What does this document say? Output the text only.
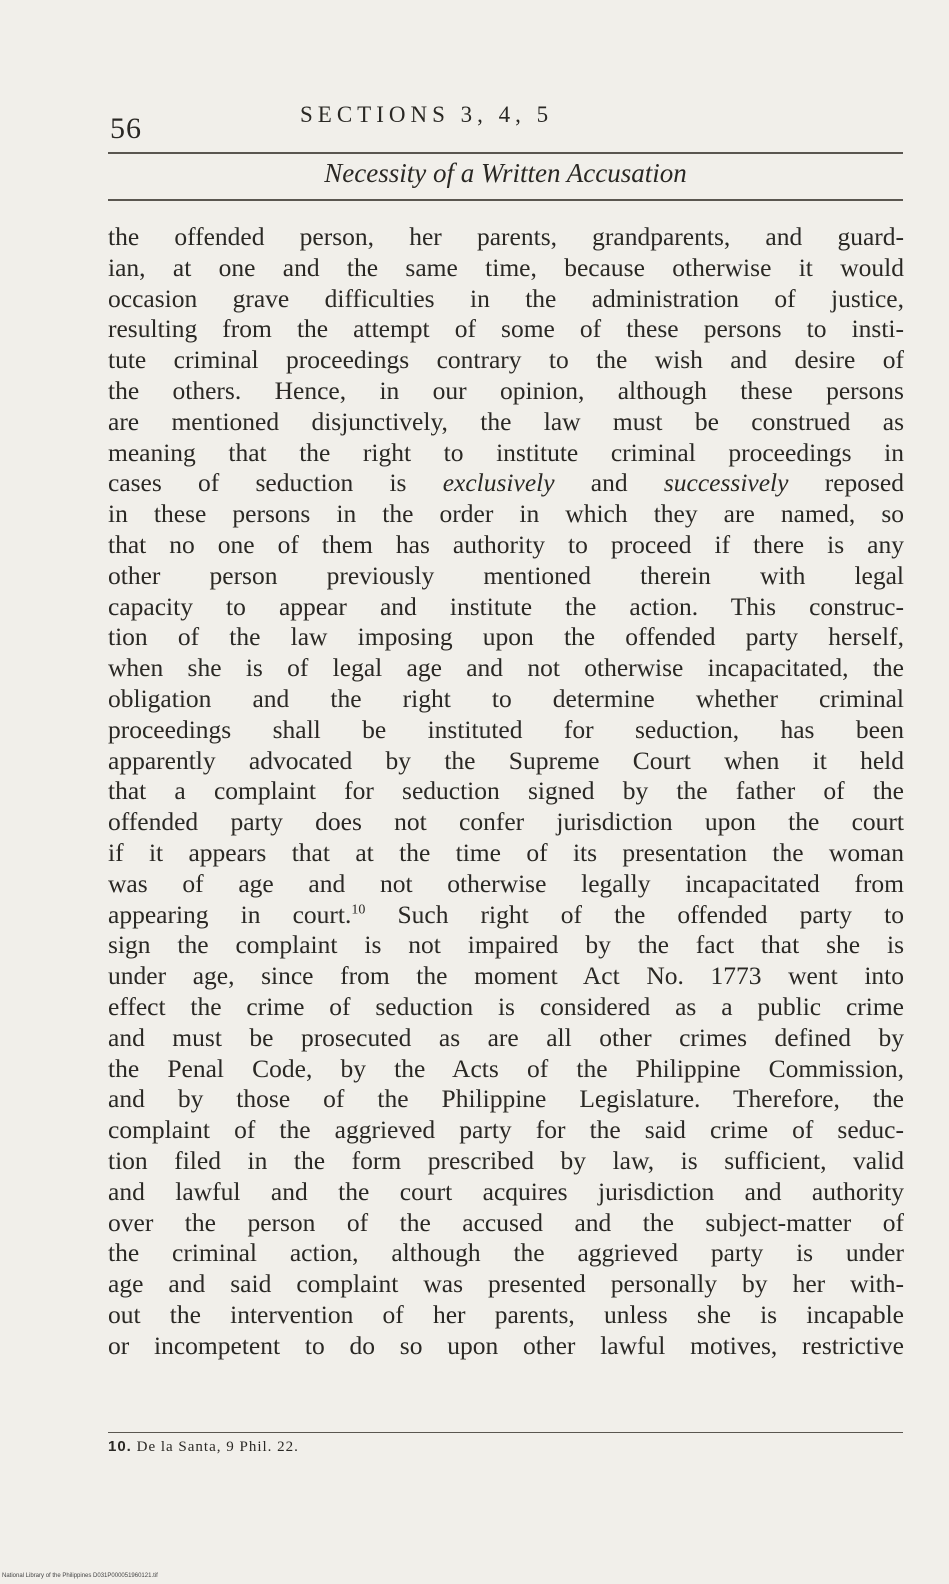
56	SECTIONS 3, 4, 5
Necessity of a Written Accusation
the offended person, her parents, grandparents, and guard-
ian, at one and the same time, because otherwise it would
occasion grave difficulties in the administration of justice,
resulting from the attempt of some of these persons to insti-
tute criminal proceedings contrary to the wish and desire of
the others. Hence, in our opinion, although these persons
are mentioned disjunctively, the law must be construed as
meaning that the right to institute criminal proceedings in
cases of seduction is exclusively and successively reposed
in these persons in the order in which they are named, so
that no one of them has authority to proceed if there is any
other person previously mentioned therein with legal
capacity to appear and institute the action. This construc-
tion of the law imposing upon the offended party herself,
when she is of legal age and not otherwise incapacitated, the
obligation and the right to determine whether criminal
proceedings shall be instituted for seduction, has been
apparently advocated by the Supreme Court when it held
that a complaint for seduction signed by the father of the
offended party does not confer jurisdiction upon the court
if it appears that at the time of its presentation the woman
was of age and not otherwise legally incapacitated from
appearing in court.$^{10}$ Such right of the offended party to
sign the complaint is not impaired by the fact that she is
under age, since from the moment Act No. 1773 went into
effect the crime of seduction is considered as a public crime
and must be prosecuted as are all other crimes defined by
the Penal Code, by the Acts of the Philippine Commission,
and by those of the Philippine Legislature. Therefore, the
complaint of the aggrieved party for the said crime of seduc-
tion filed in the form prescribed by law, is sufficient, valid
and lawful and the court acquires jurisdiction and authority
over the person of the accused and the subject-matter of
the criminal action, although the aggrieved party is under
age and said complaint was presented personally by her with-
out the intervention of her parents, unless she is incapable
or incompetent to do so upon other lawful motives, restrictive
10. De la Santa, 9 Phil. 22.
National Library of the Philippines D031P000051960121.tif
